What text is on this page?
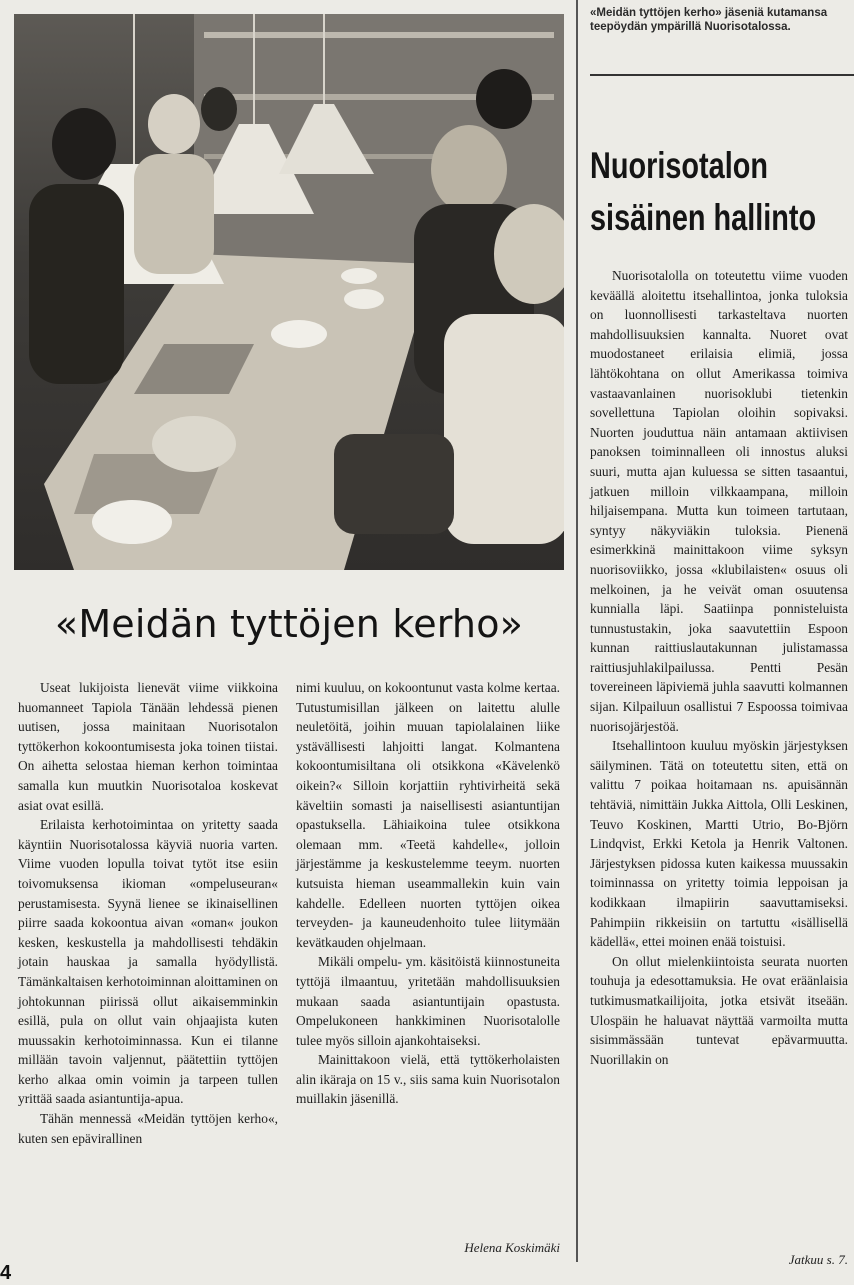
«Meidän tyttöjen kerho» jäseniä kutamansa teepöydän ympärillä Nuorisotalossa.
Nuorisotalon
sisäinen hallinto
«Meidän tyttöjen kerho»

Useat lukijoista lienevät viime viikkoina huomanneet Tapiola Tänään lehdessä pienen uutisen, jossa mainitaan Nuorisotalon tyttökerhon kokoontumisesta joka toinen tiistai. On aihetta selostaa hieman kerhon toimintaa samalla kun muutkin Nuorisotaloa koskevat asiat ovat esillä.

Erilaista kerhotoimintaa on yritetty saada käyntiin Nuorisotalossa käyviä nuoria varten. Viime vuoden lopulla toivat tytöt itse esiin toivomuksensa ikioman «ompeluseuran« perustamisesta. Syynä lienee se ikinaisellinen piirre saada kokoontua aivan «oman« joukon kesken, keskustella ja mahdollisesti tehdäkin jotain hauskaa ja samalla hyödyllistä. Tämänkaltaisen kerhotoiminnan aloittaminen on johtokunnan piirissä ollut aikaisemminkin esillä, pula on ollut vain ohjaajista kuten muussakin kerhotoiminnassa. Kun ei tilanne millään tavoin valjennut, päätettiin tyttöjen kerho alkaa omin voimin ja tarpeen tullen yrittää saada asiantuntija-apua.

Tähän mennessä «Meidän tyttöjen kerho«, kuten sen epävirallinen

nimi kuuluu, on kokoontunut vasta kolme kertaa. Tutustumisillan jälkeen on laitettu alulle neuletöitä, joihin muuan tapiolalainen liike ystävällisesti lahjoitti langat. Kolmantena kokoontumisiltana oli otsikkona «Kävelenkö oikein?« Silloin korjattiin ryhtivirheitä sekä käveltiin somasti ja naisellisesti asiantuntijan opastuksella. Lähiaikoina tulee otsikkona olemaan mm. «Teetä kahdelle«, jolloin järjestämme ja keskustelemme teeym. nuorten kutsuista hieman useammallekin kuin vain kahdelle. Edelleen nuorten tyttöjen oikea terveyden- ja kauneudenhoito tulee liitymään kevätkauden ohjelmaan.

Mikäli ompelu- ym. käsitöistä kiinnostuneita tyttöjä ilmaantuu, yritetään mahdollisuuksien mukaan saada asiantuntijain opastusta. Ompelukoneen hankkiminen Nuorisotalolle tulee myös silloin ajankohtaiseksi.

Mainittakoon vielä, että tyttökerholaisten alin ikäraja on 15 v., siis sama kuin Nuorisotalon muillakin jäsenillä.

Helena Koskimäki

Nuorisotalolla on toteutettu viime vuoden keväällä aloitettu itsehallintoa, jonka tuloksia on luonnollisesti tarkasteltava nuorten mahdollisuuksien kannalta. Nuoret ovat muodostaneet erilaisia elimiä, jossa lähtökohtana on ollut Amerikassa toimiva vastaavanlainen nuorisoklubi tietenkin sovellettuna Tapiolan oloihin sopivaksi. Nuorten jouduttua näin antamaan aktiivisen panoksen toiminnalleen oli innostus aluksi suuri, mutta ajan kuluessa se sitten tasaantui, jatkuen milloin vilkkaampana, milloin hiljaisempana. Mutta kun toimeen tartutaan, syntyy näkyviäkin tuloksia. Pienenä esimerkkinä mainittakoon viime syksyn nuorisoviikko, jossa «klubilaisten« osuus oli melkoinen, ja he veivät oman osuutensa kunnialla läpi. Saatiinpa ponnisteluista tunnustustakin, joka saavutettiin Espoon kunnan raittiuslautakunnan julistamassa raittiusjuhlakilpailussa. Pentti Pesän tovereineen läpiviemä juhla saavutti kolmannen sijan. Kilpailuun osallistui 7 Espoossa toimivaa nuorisojärjestöä.

Itsehallintoon kuuluu myöskin järjestyksen säilyminen. Tätä on toteutettu siten, että on valittu 7 poikaa hoitamaan ns. apuisännän tehtäviä, nimittäin Jukka Aittola, Olli Leskinen, Teuvo Koskinen, Martti Utrio, Bo-Björn Lindqvist, Erkki Ketola ja Henrik Valtonen. Järjestyksen pidossa kuten kaikessa muussakin toiminnassa on yritetty toimia leppoisan ja kodikkaan ilmapiirin saavuttamiseksi. Pahimpiin rikkeisiin on tartuttu «isällisellä kädellä«, ettei moinen enää toistuisi.

On ollut mielenkiintoista seurata nuorten touhuja ja edesottamuksia. He ovat eräänlaisia tutkimusmatkailijoita, jotka etsivät itseään. Ulospäin he haluavat näyttää varmoilta mutta sisimmässään tuntevat epävarmuutta. Nuorillakin on

Jatkuu s. 7.
4
